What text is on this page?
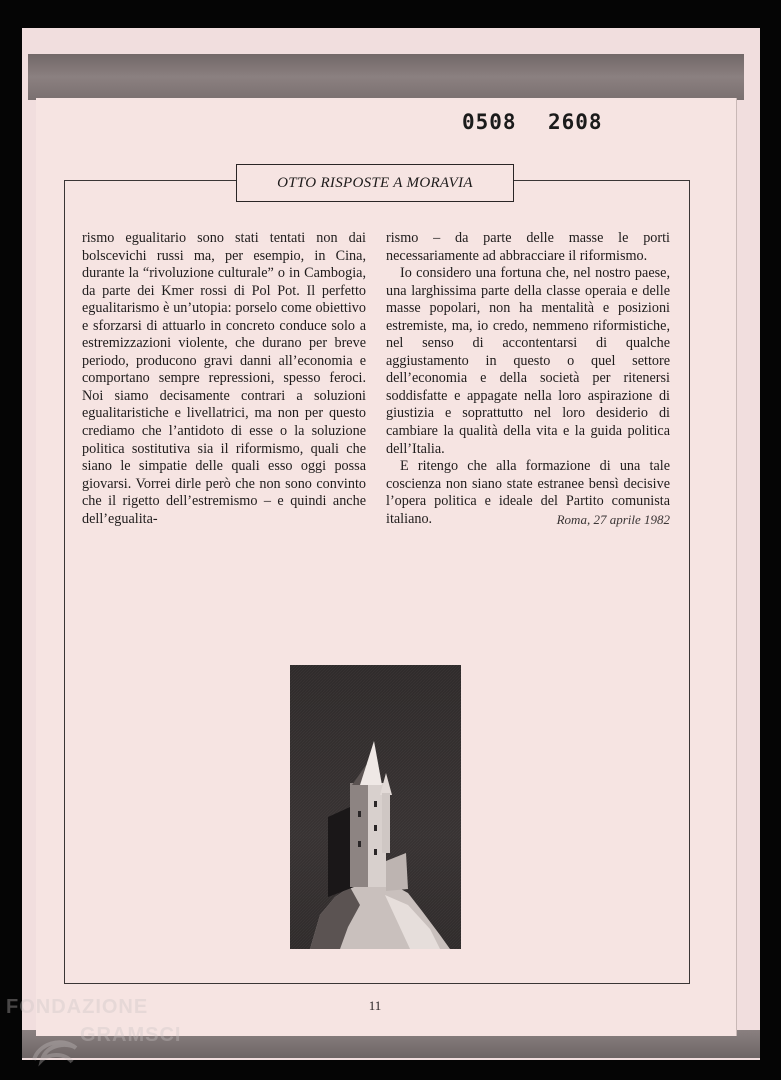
0508 2608
OTTO RISPOSTE A MORAVIA

rismo egualitario sono stati tentati non dai bolscevichi russi ma, per esempio, in Cina, durante la “rivoluzione culturale” o in Cambogia, da parte dei Kmer rossi di Pol Pot. Il perfetto egualitarismo è un’utopia: porselo come obiettivo e sforzarsi di attuarlo in concreto conduce solo a estremizzazioni violente, che durano per breve periodo, producono gravi danni all’economia e comportano sempre repressioni, spesso feroci. Noi siamo decisamente contrari a soluzioni egualitaristiche e livellatrici, ma non per questo crediamo che l’antidoto di esse o la soluzione politica sostitutiva sia il riformismo, quali che siano le simpatie delle quali esso oggi possa giovarsi. Vorrei dirle però che non sono convinto che il rigetto dell’estremismo – e quindi anche dell’egualita-

rismo – da parte delle masse le porti necessariamente ad abbracciare il riformismo.

Io considero una fortuna che, nel nostro paese, una larghissima parte della classe operaia e delle masse popolari, non ha mentalità e posizioni estremiste, ma, io credo, nemmeno riformistiche, nel senso di accontentarsi di qualche aggiustamento in questo o quel settore dell’economia e della società per ritenersi soddisfatte e appagate nella loro aspirazione di giustizia e soprattutto nel loro desiderio di cambiare la qualità della vita e la guida politica dell’Italia.

E ritengo che alla formazione di una tale coscienza non siano state estranee bensì decisive l’opera politica e ideale del Partito comunista italiano.	Roma, 27 aprile 1982
11
FONDAZIONE
GRAMSCI
